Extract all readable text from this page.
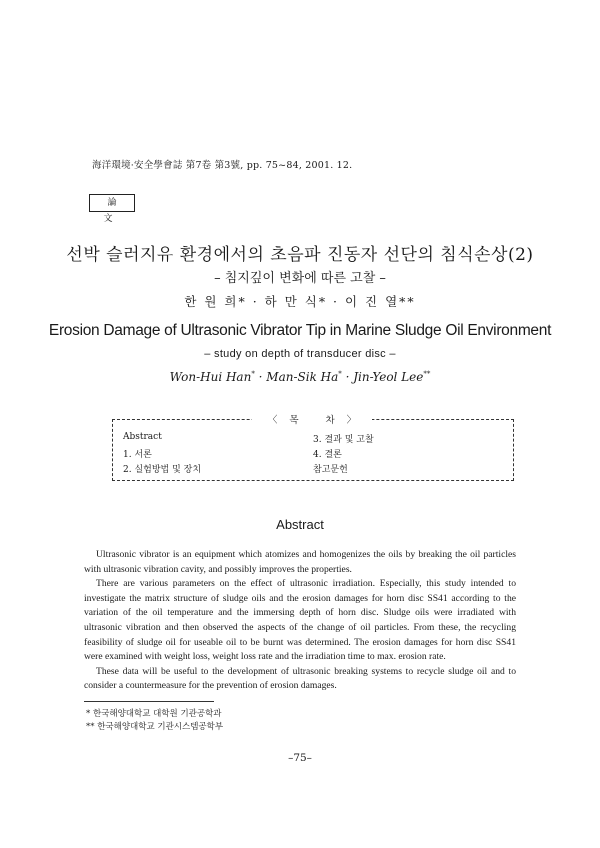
海洋環境·安全學會誌 第7卷 第3號, pp. 75~84, 2001. 12.
論 文
선박 슬러지유 환경에서의 초음파 진동자 선단의 침식손상(2)
– 침지깊이 변화에 따른 고찰 –
한 원 희* · 하 만 식* · 이 진 열**
Erosion Damage of Ultrasonic Vibrator Tip in Marine Sludge Oil Environment
– study on depth of transducer disc –
Won-Hui Han* · Man-Sik Ha* · Jin-Yeol Lee**
〈목 차〉
Abstract
1. 서론
2. 실험방법 및 장치
3. 결과 및 고찰
4. 결론
참고문헌
Abstract

Ultrasonic vibrator is an equipment which atomizes and homogenizes the oils by breaking the oil particles with ultrasonic vibration cavity, and possibly improves the properties.

There are various parameters on the effect of ultrasonic irradiation. Especially, this study intended to investigate the matrix structure of sludge oils and the erosion damages for horn disc SS41 according to the variation of the oil temperature and the immersing depth of horn disc. Sludge oils were irradiated with ultrasonic vibration and then observed the aspects of the change of oil particles. From these, the recycling feasibility of sludge oil for useable oil to be burnt was determined. The erosion damages for horn disc SS41 were examined with weight loss, weight loss rate and the irradiation time to max. erosion rate.

These data will be useful to the development of ultrasonic breaking systems to recycle sludge oil and to consider a countermeasure for the prevention of erosion damages.

* 한국해양대학교 대학원 기관공학과
** 한국해양대학교 기관시스템공학부
–75–
